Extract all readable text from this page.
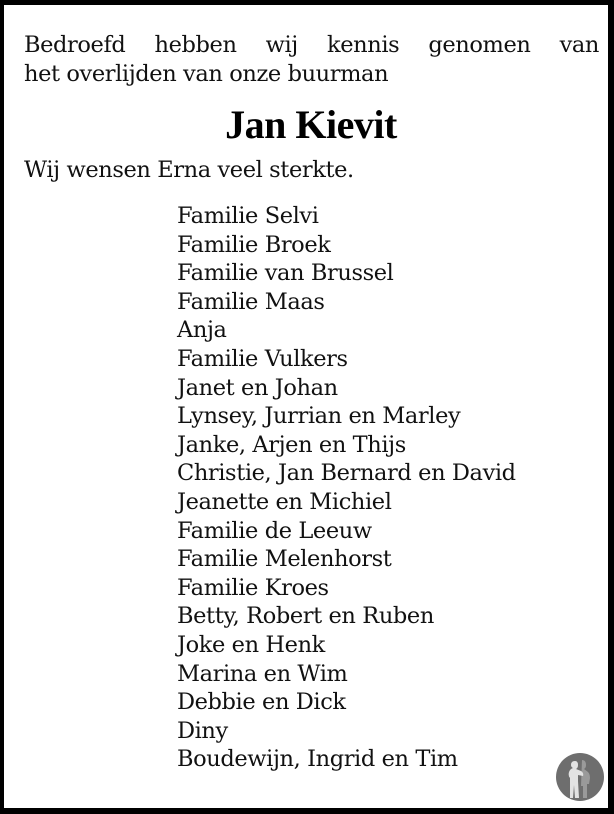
Bedroefd hebben wij kennis genomen van
het overlijden van onze buurman
Jan Kievit
Wij wensen Erna veel sterkte.
Familie Selvi
Familie Broek
Familie van Brussel
Familie Maas
Anja
Familie Vulkers
Janet en Johan
Lynsey, Jurrian en Marley
Janke, Arjen en Thijs
Christie, Jan Bernard en David
Jeanette en Michiel
Familie de Leeuw
Familie Melenhorst
Familie Kroes
Betty, Robert en Ruben
Joke en Henk
Marina en Wim
Debbie en Dick
Diny
Boudewijn, Ingrid en Tim
